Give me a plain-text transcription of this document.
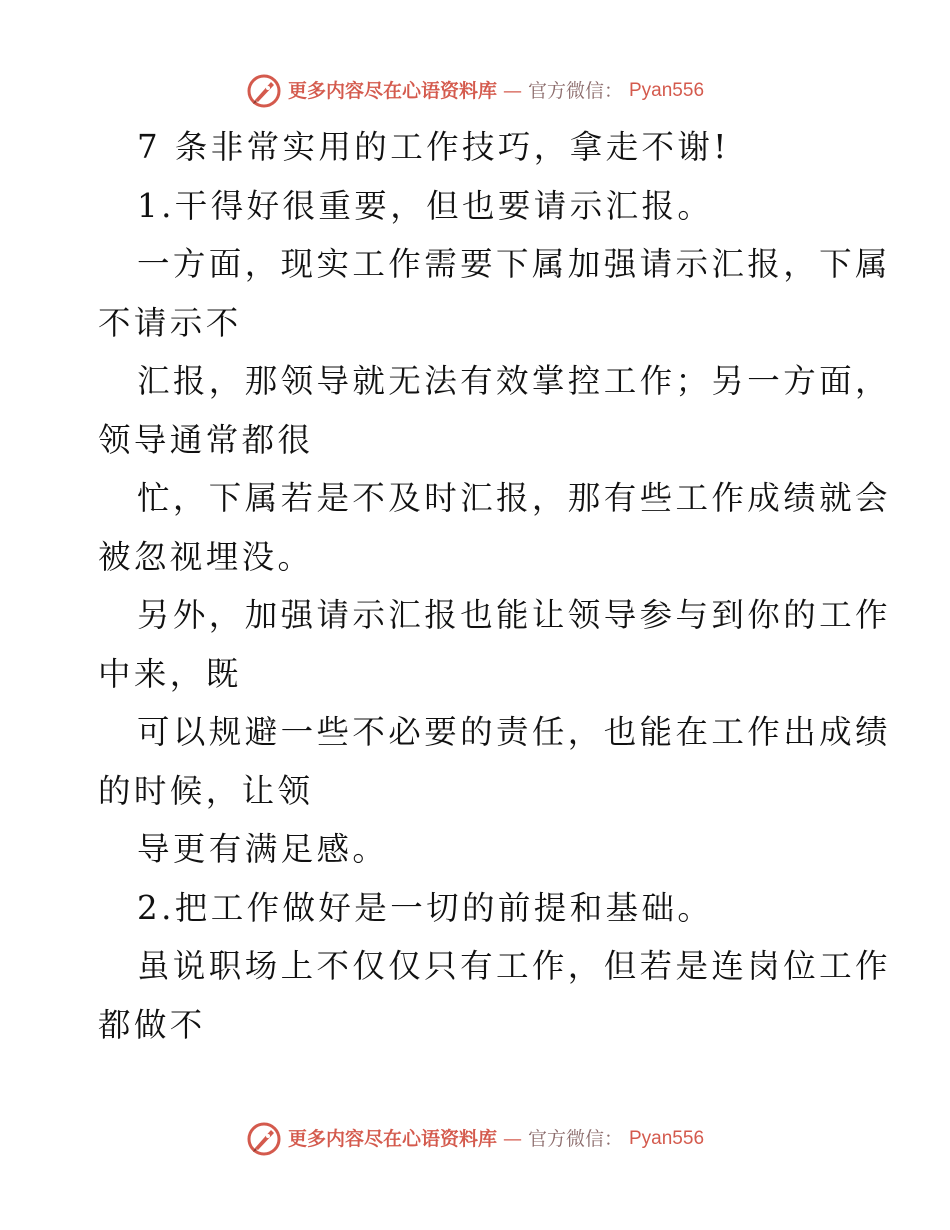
更多内容尽在心语资料库 — 官方微信： Pyan556
7 条非常实用的工作技巧，拿走不谢!
1.干得好很重要，但也要请示汇报。
一方面，现实工作需要下属加强请示汇报，下属
不请示不
汇报，那领导就无法有效掌控工作；另一方面，
领导通常都很
忙，下属若是不及时汇报，那有些工作成绩就会
被忽视埋没。
另外，加强请示汇报也能让领导参与到你的工作
中来，既
可以规避一些不必要的责任，也能在工作出成绩
的时候，让领
导更有满足感。
2.把工作做好是一切的前提和基础。
虽说职场上不仅仅只有工作，但若是连岗位工作
都做不
更多内容尽在心语资料库 — 官方微信： Pyan556
